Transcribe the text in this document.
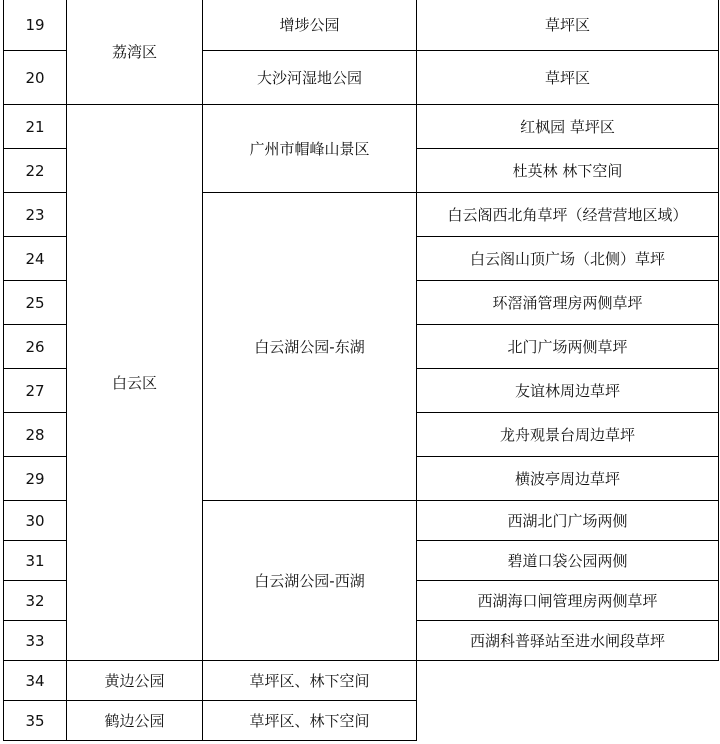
19	荔湾区	增埗公园	草坪区
20		大沙河湿地公园	草坪区
21	白云区	广州市帽峰山景区	红枫园 草坪区
22			杜英林 林下空间
23		白云湖公园-东湖	白云阁西北角草坪（经营营地区域）
24			白云阁山顶广场（北侧）草坪
25			环滘涌管理房两侧草坪
26			北门广场两侧草坪
27			友谊林周边草坪
28			龙舟观景台周边草坪
29			横波亭周边草坪
30		白云湖公园-西湖	西湖北门广场两侧
31			碧道口袋公园两侧
32			西湖海口闸管理房两侧草坪
33			西湖科普驿站至进水闸段草坪
34	黄边公园	草坪区、林下空间	
35	鹤边公园	草坪区、林下空间	
